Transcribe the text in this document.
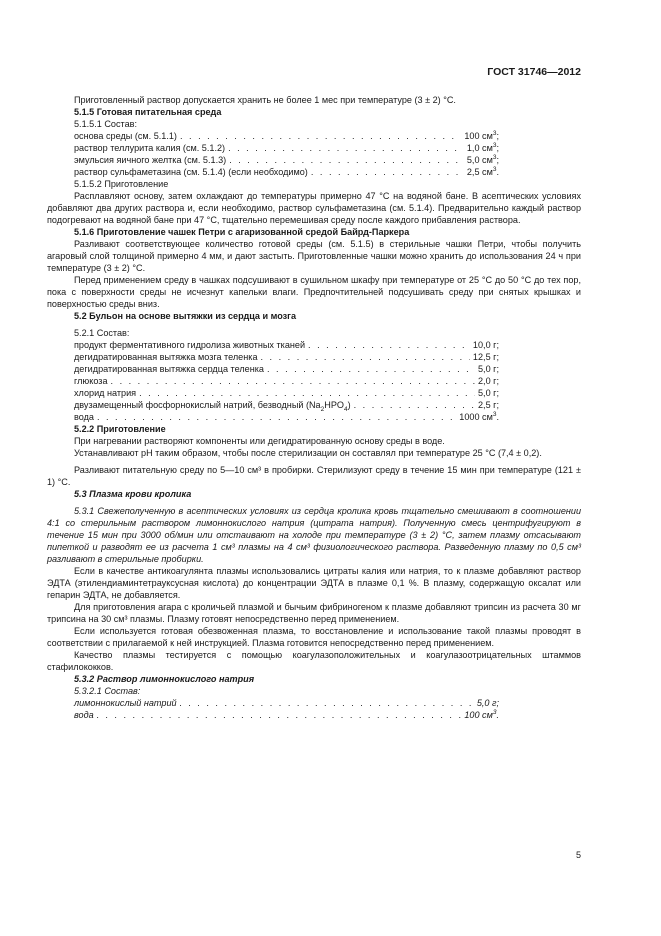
ГОСТ 31746—2012

Приготовленный раствор допускается хранить не более 1 мес при температуре (3 ± 2) °С.

5.1.5 Готовая питательная среда

5.1.5.1 Состав:

основа среды (см. 5.1.1) . . .	100 $см^3$;
раствор теллурита калия (см. 5.1.2) . . .	1,0 $см^3$;
эмульсия яичного желтка (см. 5.1.3) . . .	5,0 $см^3$;
раствор сульфаметазина (см. 5.1.4) (если необходимо) . . .	2,5 $см^3$.

5.1.5.2 Приготовление

Расплавляют основу, затем охлаждают до температуры примерно 47 °С на водяной бане. В асептических условиях добавляют два других раствора и, если необходимо, раствор сульфаметазина (см. 5.1.4). Предварительно каждый раствор подогревают на водяной бане при 47 °С, тщательно перемешивая среду после каждого прибавления раствора.

5.1.6 Приготовление чашек Петри с агаризованной средой Байрд-Паркера

Разливают соответствующее количество готовой среды (см. 5.1.5) в стерильные чашки Петри, чтобы получить агаровый слой толщиной примерно 4 мм, и дают застыть. Приготовленные чашки можно хранить до использования 24 ч при температуре (3 ± 2) °С.

Перед применением среду в чашках подсушивают в сушильном шкафу при температуре от 25 °С до 50 °С до тех пор, пока с поверхности среды не исчезнут капельки влаги. Предпочтительней подсушивать среду при снятых крышках и поверхностью среды вниз.

5.2 Бульон на основе вытяжки из сердца и мозга

5.2.1 Состав:

продукт ферментативного гидролиза животных тканей . . .	10,0 г;
дегидратированная вытяжка мозга теленка . . .	12,5 г;
дегидратированная вытяжка сердца теленка . . .	5,0 г;
глюкоза . . .	2,0 г;
хлорид натрия . . .	5,0 г;
двузамещенный фосфорнокислый натрий, безводный $(Na_2HPO_4)$ . . .	2,5 г;
вода . . .	1000 $см^3$.

5.2.2 Приготовление

При нагревании растворяют компоненты или дегидратированную основу среды в воде.

Устанавливают pH таким образом, чтобы после стерилизации он составлял при температуре 25 °С (7,4 ± 0,2).

Разливают питательную среду по 5—10 см³ в пробирки. Стерилизуют среду в течение 15 мин при температуре (121 ± 1) °С.

5.3 Плазма крови кролика

5.3.1 Свежеполученную в асептических условиях из сердца кролика кровь тщательно смешивают в соотношении 4:1 со стерильным раствором лимоннокислого натрия (цитрата натрия). Полученную смесь центрифугируют в течение 15 мин при 3000 об/мин или отстаивают на холоде при температуре (3 ± 2) °С, затем плазму отсасывают пипеткой и разводят ее из расчета 1 см³ плазмы на 4 см³ физиологического раствора. Разведенную плазму по 0,5 см³ разливают в стерильные пробирки.

Если в качестве антикоагулянта плазмы использовались цитраты калия или натрия, то к плазме добавляют раствор ЭДТА (этилендиаминтетрауксусная кислота) до концентрации ЭДТА в плазме 0,1 %. В плазму, содержащую оксалат или гепарин ЭДТА, не добавляется.

Для приготовления агара с кроличьей плазмой и бычьим фибриногеном к плазме добавляют трипсин из расчета 30 мг трипсина на 30 см³ плазмы. Плазму готовят непосредственно перед применением.

Если используется готовая обезвоженная плазма, то восстановление и использование такой плазмы проводят в соответствии с прилагаемой к ней инструкцией. Плазма готовится непосредственно перед применением.

Качество плазмы тестируется с помощью коагулазоположительных и коагулазоотрицательных штаммов стафилококков.

5.3.2 Раствор лимоннокислого натрия

5.3.2.1 Состав:

лимоннокислый натрий . . .	5,0 г;
вода . . .	100 $см^3$.
5
